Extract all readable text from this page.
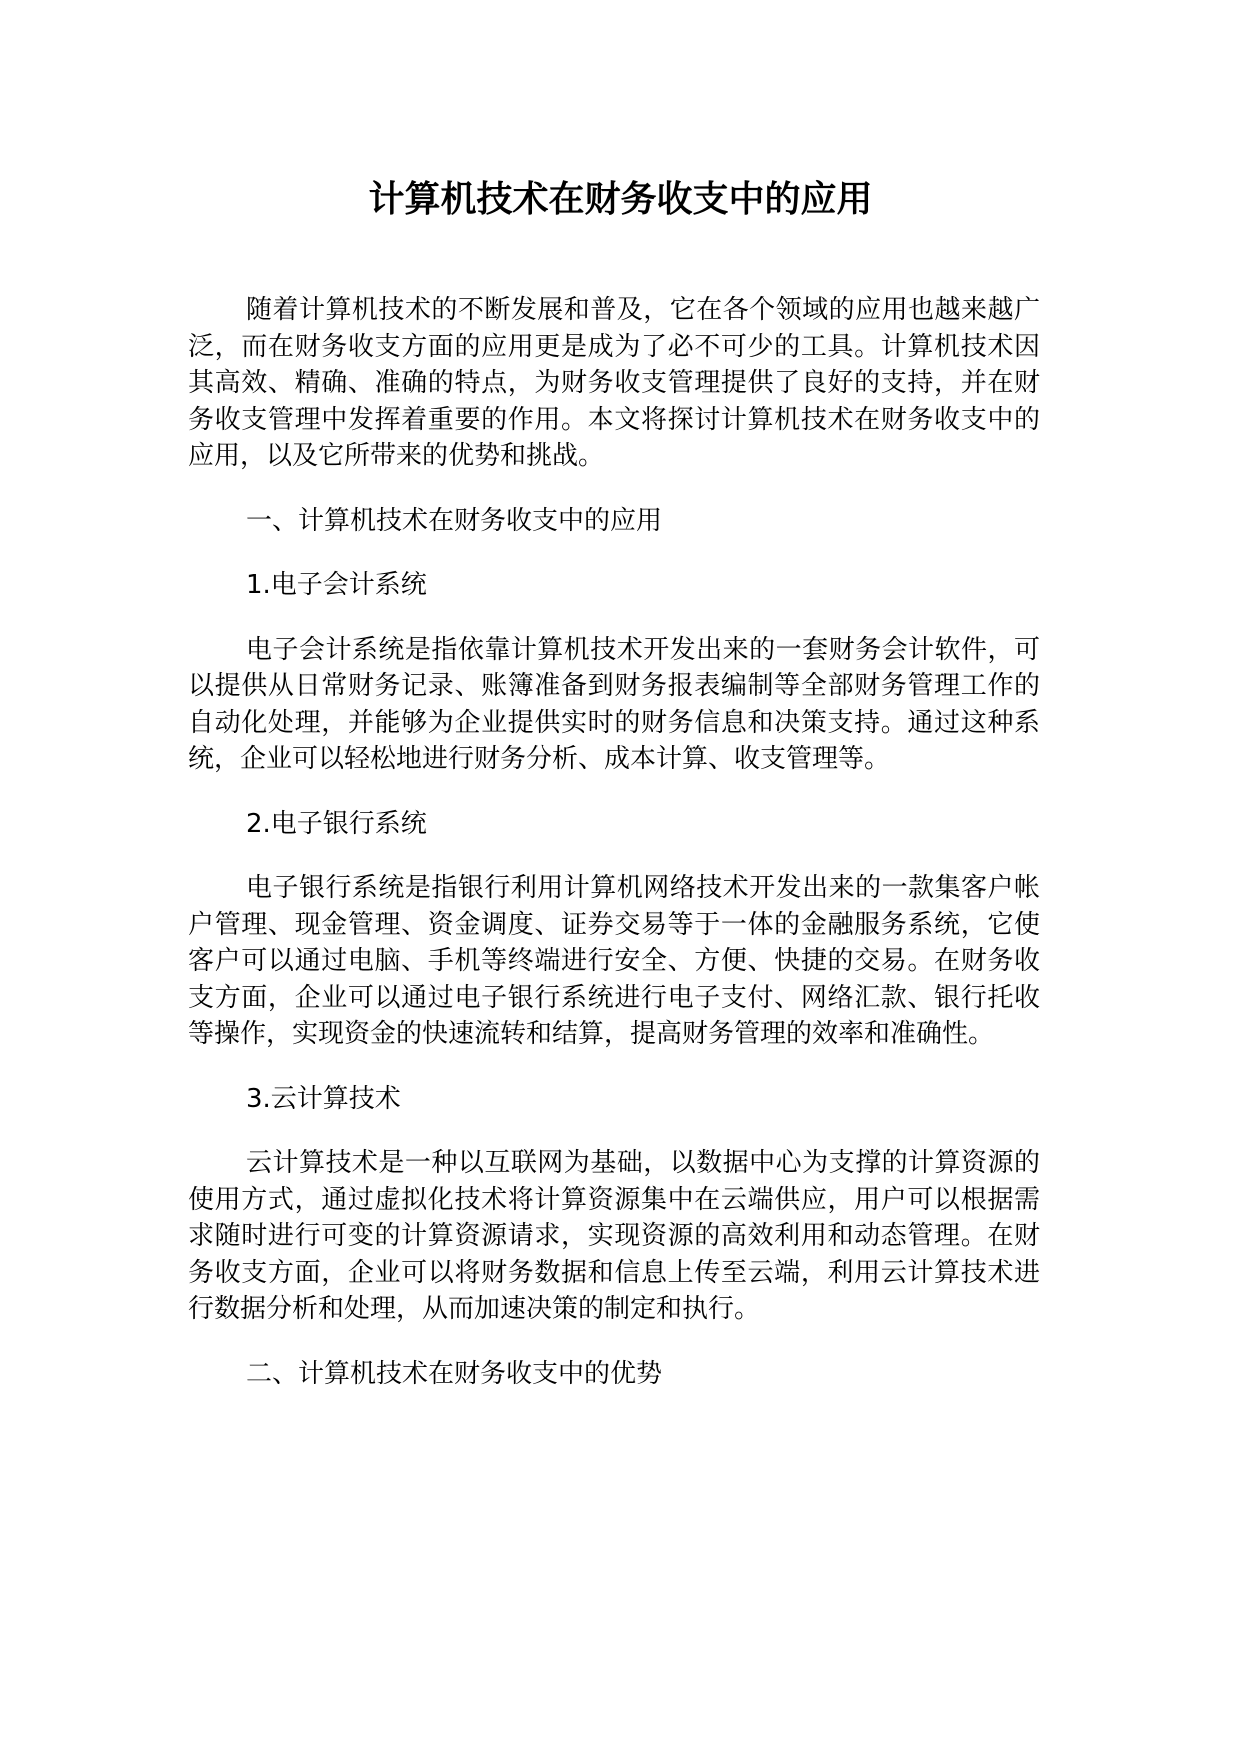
计算机技术在财务收支中的应用

随着计算机技术的不断发展和普及，它在各个领域的应用也越来越广泛，而在财务收支方面的应用更是成为了必不可少的工具。计算机技术因其高效、精确、准确的特点，为财务收支管理提供了良好的支持，并在财务收支管理中发挥着重要的作用。本文将探讨计算机技术在财务收支中的应用，以及它所带来的优势和挑战。

一、计算机技术在财务收支中的应用

1.电子会计系统

电子会计系统是指依靠计算机技术开发出来的一套财务会计软件，可以提供从日常财务记录、账簿准备到财务报表编制等全部财务管理工作的自动化处理，并能够为企业提供实时的财务信息和决策支持。通过这种系统，企业可以轻松地进行财务分析、成本计算、收支管理等。

2.电子银行系统

电子银行系统是指银行利用计算机网络技术开发出来的一款集客户帐户管理、现金管理、资金调度、证券交易等于一体的金融服务系统，它使客户可以通过电脑、手机等终端进行安全、方便、快捷的交易。在财务收支方面，企业可以通过电子银行系统进行电子支付、网络汇款、银行托收等操作，实现资金的快速流转和结算，提高财务管理的效率和准确性。

3.云计算技术

云计算技术是一种以互联网为基础，以数据中心为支撑的计算资源的使用方式，通过虚拟化技术将计算资源集中在云端供应，用户可以根据需求随时进行可变的计算资源请求，实现资源的高效利用和动态管理。在财务收支方面，企业可以将财务数据和信息上传至云端，利用云计算技术进行数据分析和处理，从而加速决策的制定和执行。

二、计算机技术在财务收支中的优势
